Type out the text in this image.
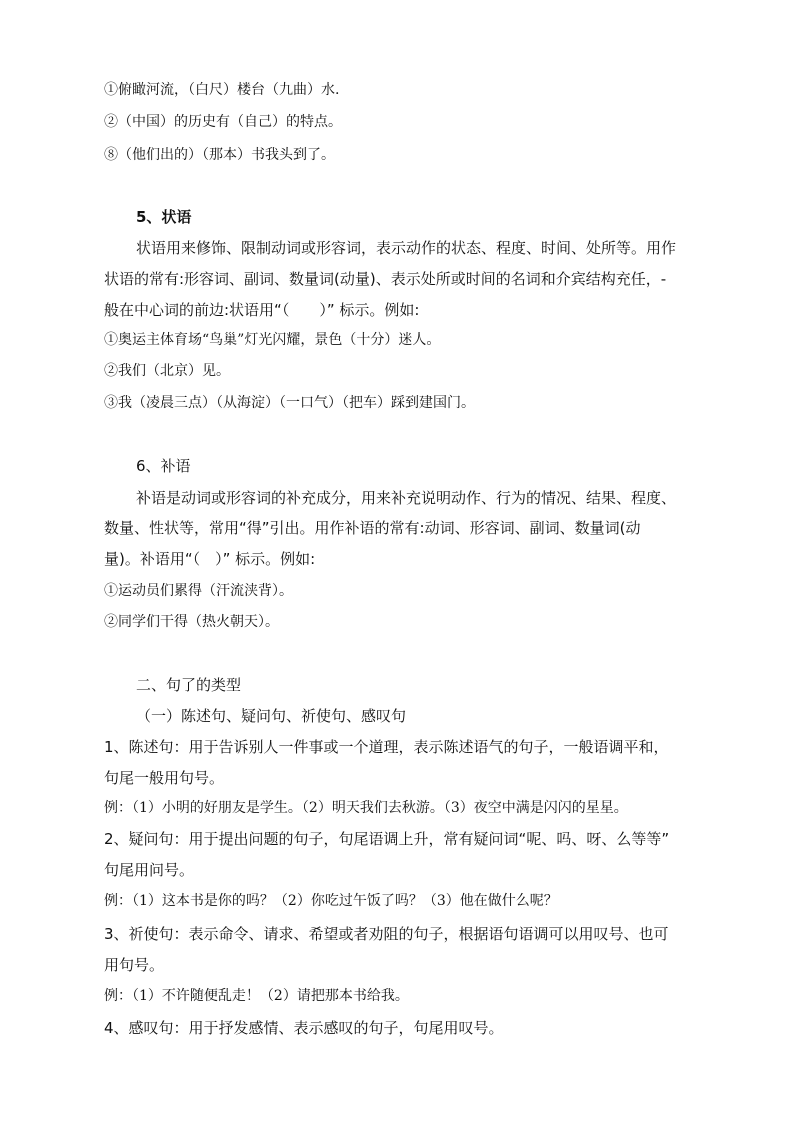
①俯瞰河流，（白尺）楼台（九曲）水.

②（中国）的历史有（自己）的特点。

⑧（他们出的）（那本）书我头到了。

5、状语

状语用来修饰、限制动词或形容词，表示动作的状态、程度、时间、处所等。用作

状语的常有:形容词、副词、数量词(动量)、表示处所或时间的名词和介宾结构充任，-

般在中心词的前边:状语用“（　　）” 标示。例如:

①奥运主体育场“鸟巢”灯光闪耀，景色（十分）迷人。

②我们（北京）见。

③我（凌晨三点）（从海淀）（一口气）（把车）踩到建国门。

6、补语

补语是动词或形容词的补充成分，用来补充说明动作、行为的情况、结果、程度、

数量、性状等，常用“得”引出。用作补语的常有:动词、形容词、副词、数量词(动

量)。补语用“（　）” 标示。例如:

①运动员们累得（汗流浃背）。

②同学们干得（热火朝天）。

二、句了的类型

（一）陈述句、疑问句、祈使句、感叹句

1、陈述句：用于告诉别人一件事或一个道理，表示陈述语气的句子，一般语调平和，

句尾一般用句号。

例：（1）小明的好朋友是学生。（2）明天我们去秋游。（3）夜空中满是闪闪的星星。

2、疑问句：用于提出问题的句子，句尾语调上升，常有疑问词“呢、吗、呀、么等等”

句尾用问号。

例：（1）这本书是你的吗？（2）你吃过午饭了吗？（3）他在做什么呢？

3、祈使句：表示命令、请求、希望或者劝阻的句子，根据语句语调可以用叹号、也可

用句号。

例：（1）不许随便乱走！（2）请把那本书给我。

4、感叹句：用于抒发感情、表示感叹的句子，句尾用叹号。
